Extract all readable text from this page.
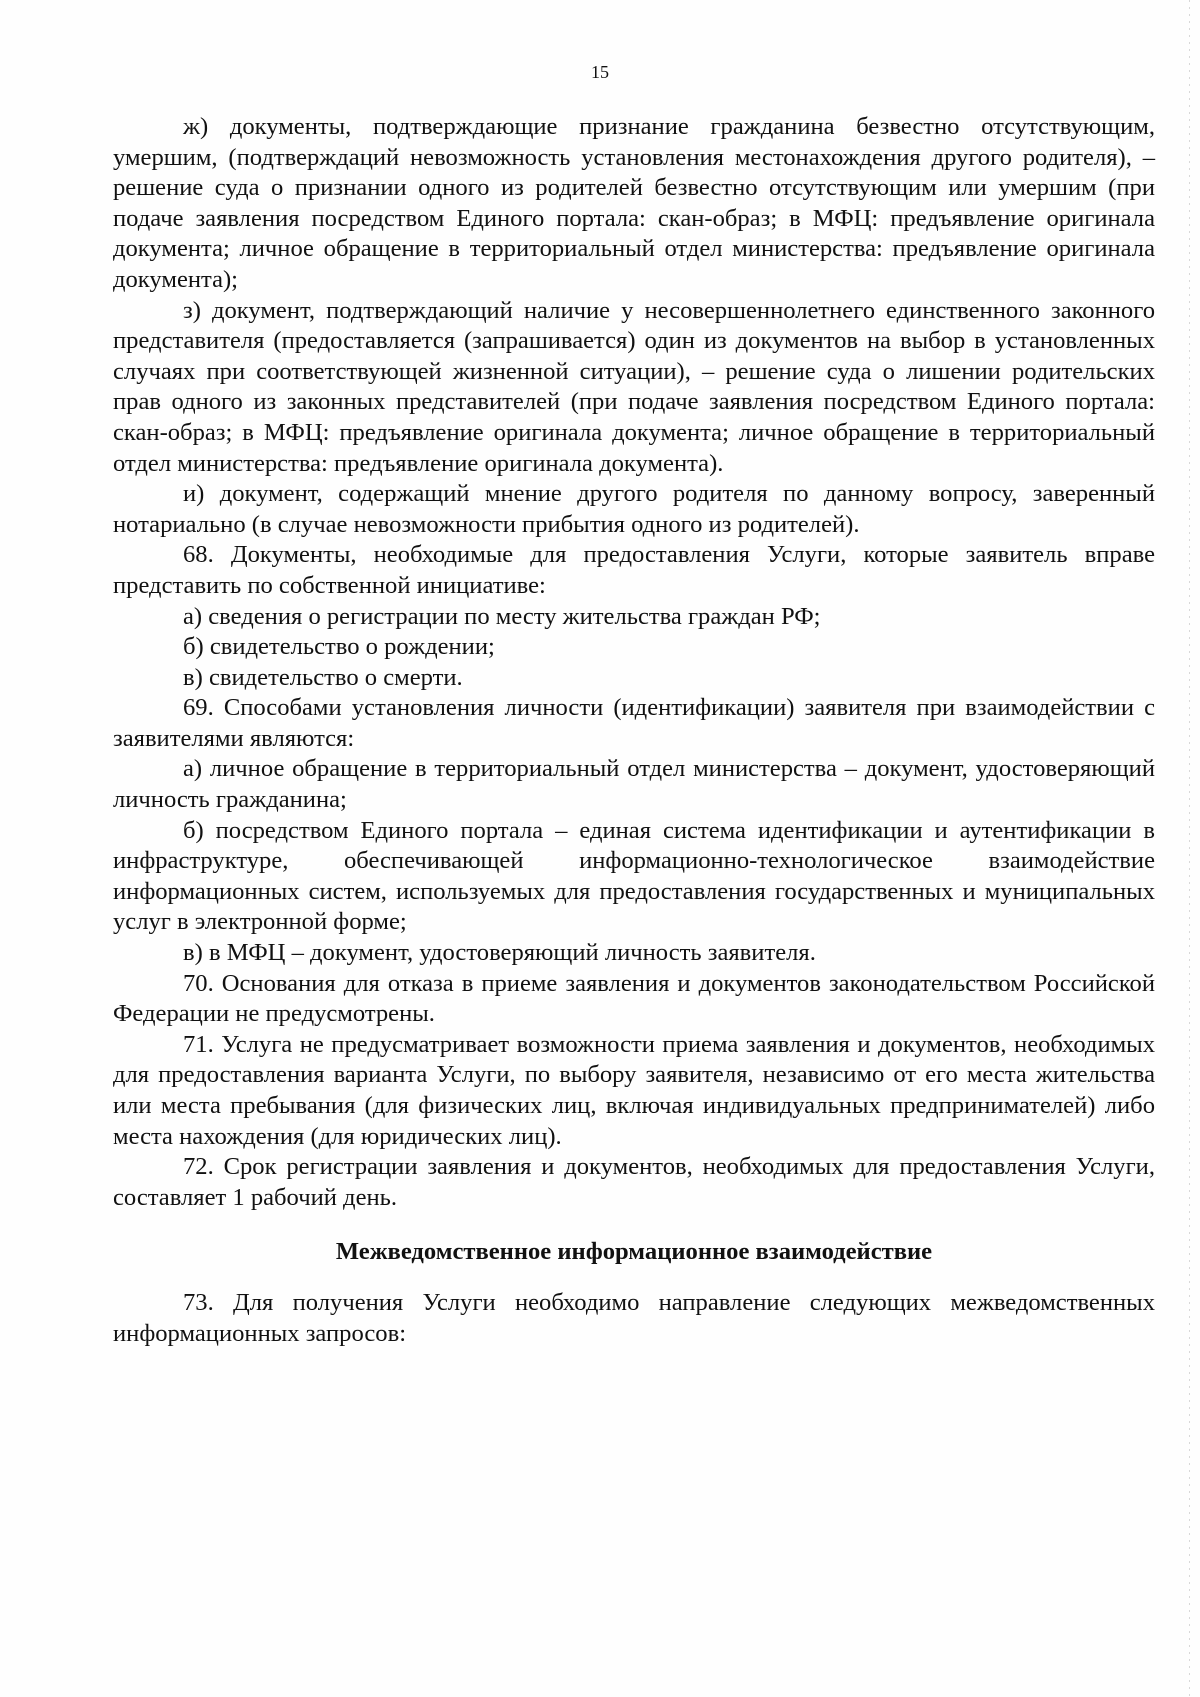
15

ж) документы, подтверждающие признание гражданина безвестно отсутствующим, умершим, (подтверждаций невозможность установления местонахождения другого родителя), – решение суда о признании одного из родителей безвестно отсутствующим или умершим (при подаче заявления посредством Единого портала: скан-образ; в МФЦ: предъявление оригинала документа; личное обращение в территориальный отдел министерства: предъявление оригинала документа);

з) документ, подтверждающий наличие у несовершеннолетнего единственного законного представителя (предоставляется (запрашивается) один из документов на выбор в установленных случаях при соответствующей жизненной ситуации), – решение суда о лишении родительских прав одного из законных представителей (при подаче заявления посредством Единого портала: скан-образ; в МФЦ: предъявление оригинала документа; личное обращение в территориальный отдел министерства: предъявление оригинала документа).

и) документ, содержащий мнение другого родителя по данному вопросу, заверенный нотариально (в случае невозможности прибытия одного из родителей).

68. Документы, необходимые для предоставления Услуги, которые заявитель вправе представить по собственной инициативе:

а) сведения о регистрации по месту жительства граждан РФ;

б) свидетельство о рождении;

в) свидетельство о смерти.

69. Способами установления личности (идентификации) заявителя при взаимодействии с заявителями являются:

а) личное обращение в территориальный отдел министерства – документ, удостоверяющий личность гражданина;

б) посредством Единого портала – единая система идентификации и аутентификации в инфраструктуре, обеспечивающей информационно-технологическое взаимодействие информационных систем, используемых для предоставления государственных и муниципальных услуг в электронной форме;

в) в МФЦ – документ, удостоверяющий личность заявителя.

70. Основания для отказа в приеме заявления и документов законодательством Российской Федерации не предусмотрены.

71. Услуга не предусматривает возможности приема заявления и документов, необходимых для предоставления варианта Услуги, по выбору заявителя, независимо от его места жительства или места пребывания (для физических лиц, включая индивидуальных предпринимателей) либо места нахождения (для юридических лиц).

72. Срок регистрации заявления и документов, необходимых для предоставления Услуги, составляет 1 рабочий день.

Межведомственное информационное взаимодействие

73. Для получения Услуги необходимо направление следующих межведомственных информационных запросов:
